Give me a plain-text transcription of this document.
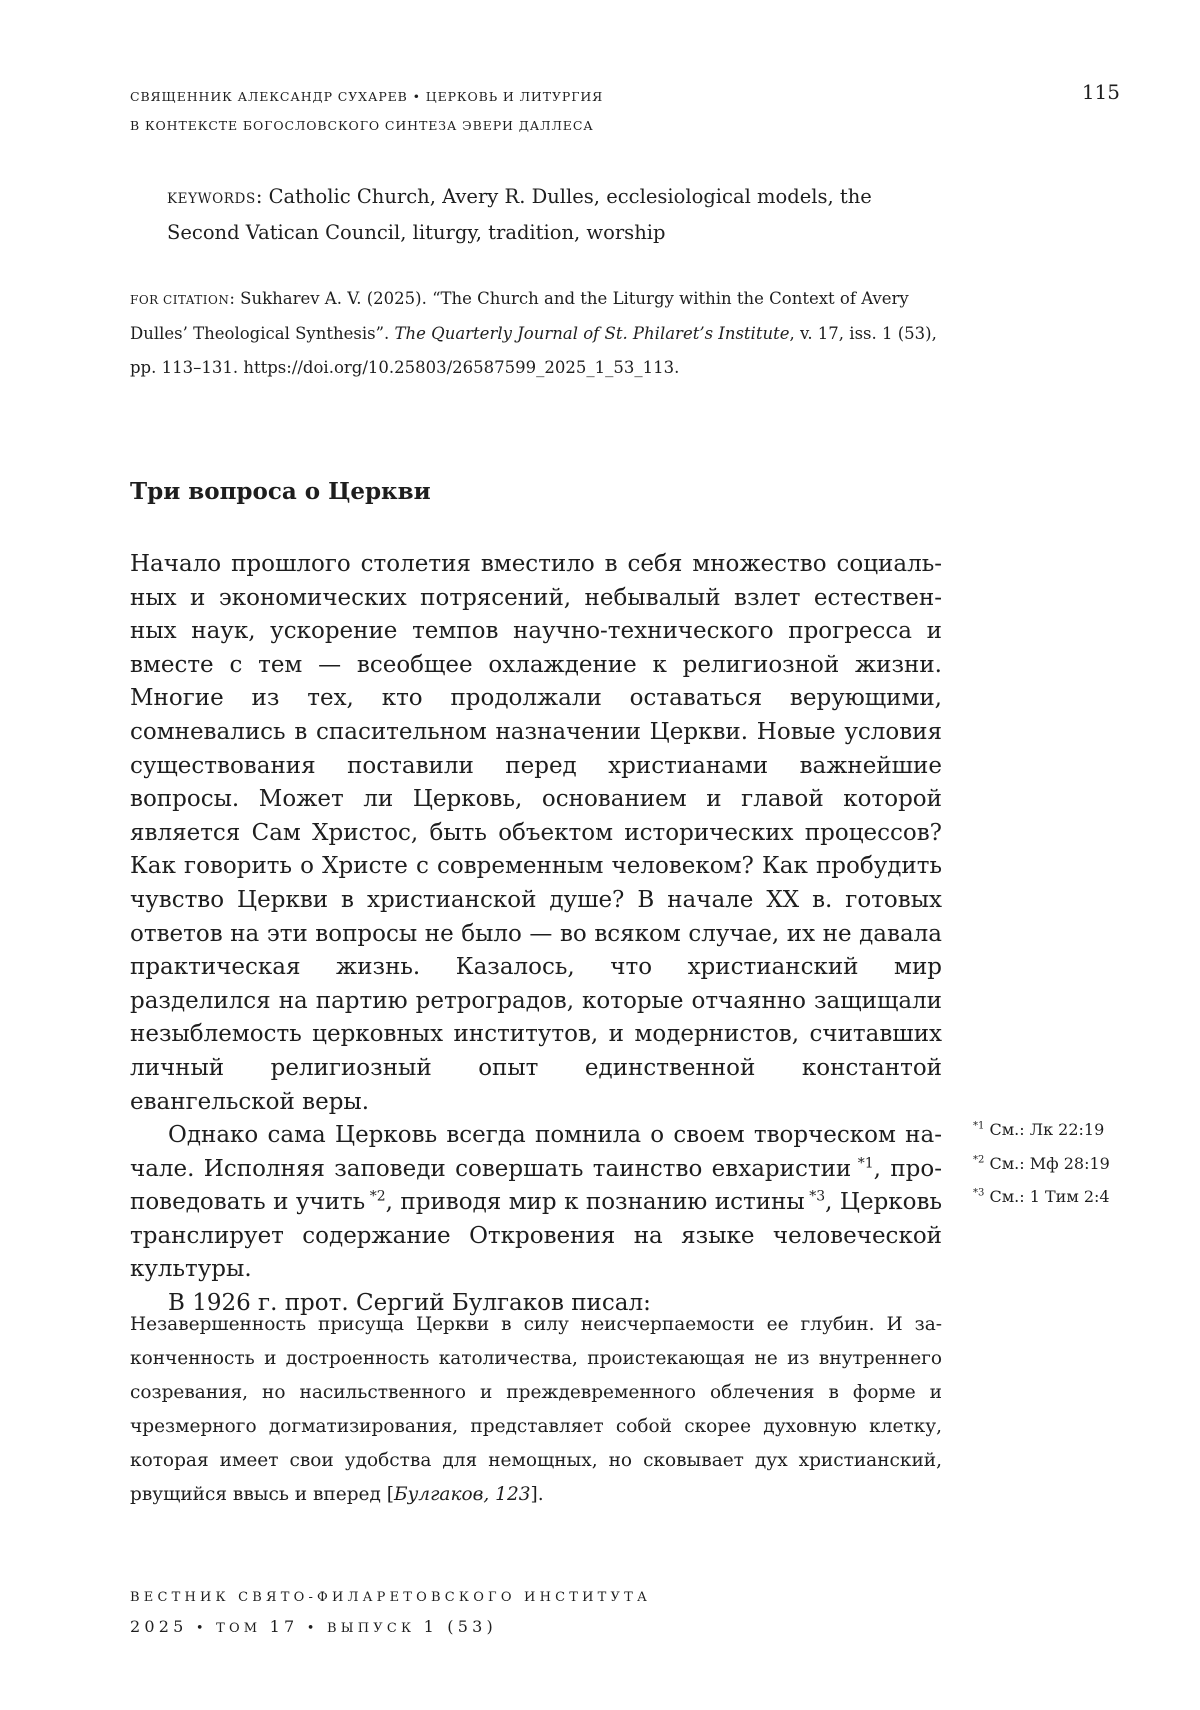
СВЯЩЕННИК АЛЕКСАНДР СУХАРЕВ • ЦЕРКОВЬ И ЛИТУРГИЯ
В КОНТЕКСТЕ БОГОСЛОВСКОГО СИНТЕЗА ЭВЕРИ ДАЛЛЕСА
115
KEYWORDS: Catholic Church, Avery R. Dulles, ecclesiological models, the
Second Vatican Council, liturgy, tradition, worship
FOR CITATION: Sukharev A. V. (2025). “The Church and the Liturgy within the Context of Avery Dulles’ Theological Synthesis”. The Quarterly Journal of St. Philaret’s Institute, v. 17, iss. 1 (53), pp. 113–131. https://doi.org/10.25803/26587599_2025_1_53_113.
Три вопроса о Церкви

Начало прошлого столетия вместило в себя множество социальных и экономических потрясений, небывалый взлет естественных наук, ускорение темпов научно-технического прогресса и вместе с тем — всеобщее охлаждение к религиозной жизни. Многие из тех, кто продолжали оставаться верующими, сомневались в спасительном назначении Церкви. Новые условия существования поставили перед христианами важнейшие вопросы. Может ли Церковь, основанием и главой которой является Сам Христос, быть объектом исторических процессов? Как говорить о Христе с современным человеком? Как пробудить чувство Церкви в христианской душе? В начале XX в. готовых ответов на эти вопросы не было — во всяком случае, их не давала практическая жизнь. Казалось, что христианский мир разделился на партию ретроградов, которые отчаянно защищали незыблемость церковных институтов, и модернистов, считавших личный религиозный опыт единственной константой евангельской веры.

Однако сама Церковь всегда помнила о своем творческом начале. Исполняя заповеди совершать таинство евхаристии $^{*1}$, проповедовать и учить $^{*2}$, приводя мир к познанию истины $^{*3}$, Церковь транслирует содержание Откровения на языке человеческой культуры.

В 1926 г. прот. Сергий Булгаков писал:

$^{*1}$ См.: Лк 22:19
$^{*2}$ См.: Мф 28:19
$^{*3}$ См.: 1 Тим 2:4
Незавершенность присуща Церкви в силу неисчерпаемости ее глубин. И законченность и достроенность католичества, проистекающая не из внутреннего созревания, но насильственного и преждевременного облечения в форме и чрезмерного догматизирования, представляет собой скорее духовную клетку, которая имеет свои удобства для немощных, но сковывает дух христианский, рвущийся ввысь и вперед [Булгаков, 123].
ВЕСТНИК СВЯТО-ФИЛАРЕТОВСКОГО ИНСТИТУТА
2025 • ТОМ 17 • ВЫПУСК 1 (53)
